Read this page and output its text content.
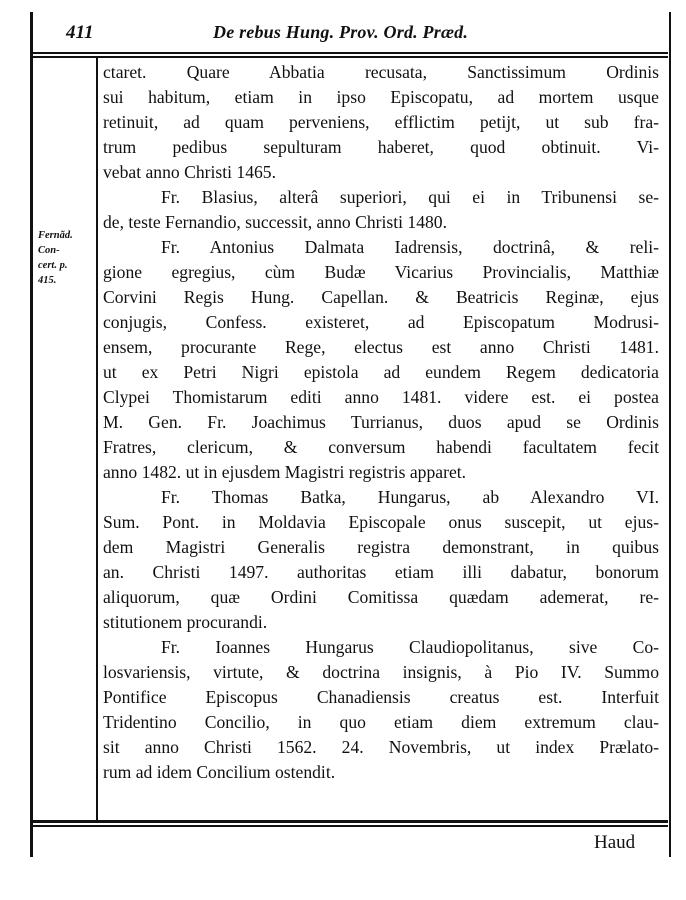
411	De rebus Hung. Prov. Ord. Præd.
Fernãd.
Con-
cert. p.
415.
ctaret. Quare Abbatia recusata, Sanctissimum Ordinis
sui habitum, etiam in ipso Episcopatu, ad mortem usque
retinuit, ad quam perveniens, efflictim petijt, ut sub fra-
trum pedibus sepulturam haberet, quod obtinuit. Vi-
vebat anno Christi 1465.
Fr. Blasius, alterâ superiori, qui ei in Tribunensi se-
de, teste Fernandio, successit, anno Christi 1480.
Fr. Antonius Dalmata Iadrensis, doctrinâ, & reli-
gione egregius, cùm Budæ Vicarius Provincialis, Matthiæ
Corvini Regis Hung. Capellan. & Beatricis Reginæ, ejus
conjugis, Confess. existeret, ad Episcopatum Modrusi-
ensem, procurante Rege, electus est anno Christi 1481.
ut ex Petri Nigri epistola ad eundem Regem dedicatoria
Clypei Thomistarum editi anno 1481. videre est. ei postea
M. Gen. Fr. Joachimus Turrianus, duos apud se Ordinis
Fratres, clericum, & conversum habendi facultatem fecit
anno 1482. ut in ejusdem Magistri registris apparet.
Fr. Thomas Batka, Hungarus, ab Alexandro VI.
Sum. Pont. in Moldavia Episcopale onus suscepit, ut ejus-
dem Magistri Generalis registra demonstrant, in quibus
an. Christi 1497. authoritas etiam illi dabatur, bonorum
aliquorum, quæ Ordini Comitissa quædam ademerat, re-
stitutionem procurandi.
Fr. Ioannes Hungarus Claudiopolitanus, sive Co-
losvariensis, virtute, & doctrina insignis, à Pio IV. Summo
Pontifice Episcopus Chanadiensis creatus est. Interfuit
Tridentino Concilio, in quo etiam diem extremum clau-
sit anno Christi 1562. 24. Novembris, ut index Prælato-
rum ad idem Concilium ostendit.
Haud
